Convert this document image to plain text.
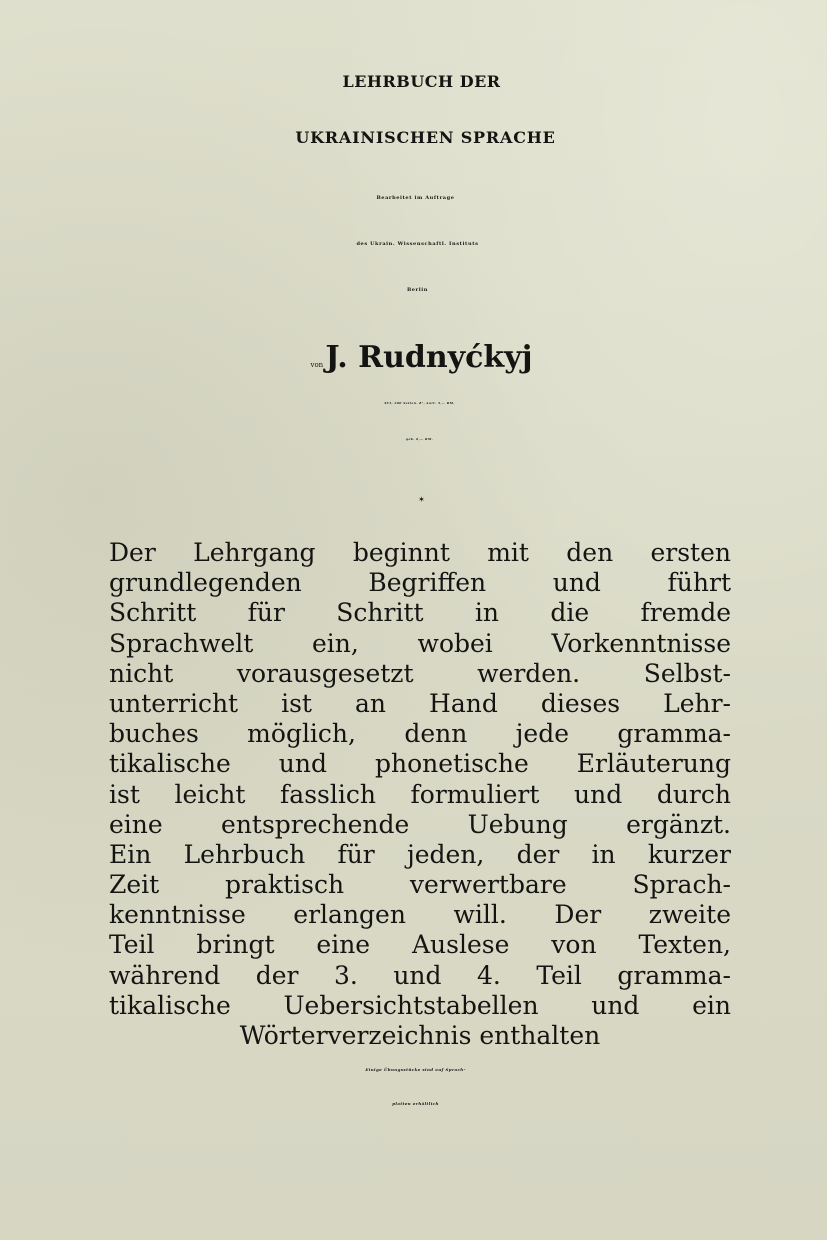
LEHRBUCH DER
UKRAINISCHEN SPRACHE
Bearbeitet im Auftrage
des Ukrain. Wissenschaftl. Instituts
Berlin
von J. Rudnyćkyj
XVI, 200 Seiten. 8°, kart. 5,— RM,
geb. 6,— RM.
✶
Der Lehrgang beginnt mit den ersten
grundlegenden Begriffen und führt
Schritt für Schritt in die fremde
Sprachwelt ein, wobei Vorkenntnisse
nicht vorausgesetzt werden. Selbst-
unterricht ist an Hand dieses Lehr-
buches möglich, denn jede gramma-
tikalische und phonetische Erläuterung
ist leicht fasslich formuliert und durch
eine entsprechende Uebung ergänzt.
Ein Lehrbuch für jeden, der in kurzer
Zeit praktisch verwertbare Sprach-
kenntnisse erlangen will. Der zweite
Teil bringt eine Auslese von Texten,
während der 3. und 4. Teil gramma-
tikalische Uebersichtstabellen und ein
Wörterverzeichnis enthalten
Einige Übungsstücke sind auf Sprach-
platten erhältlich
